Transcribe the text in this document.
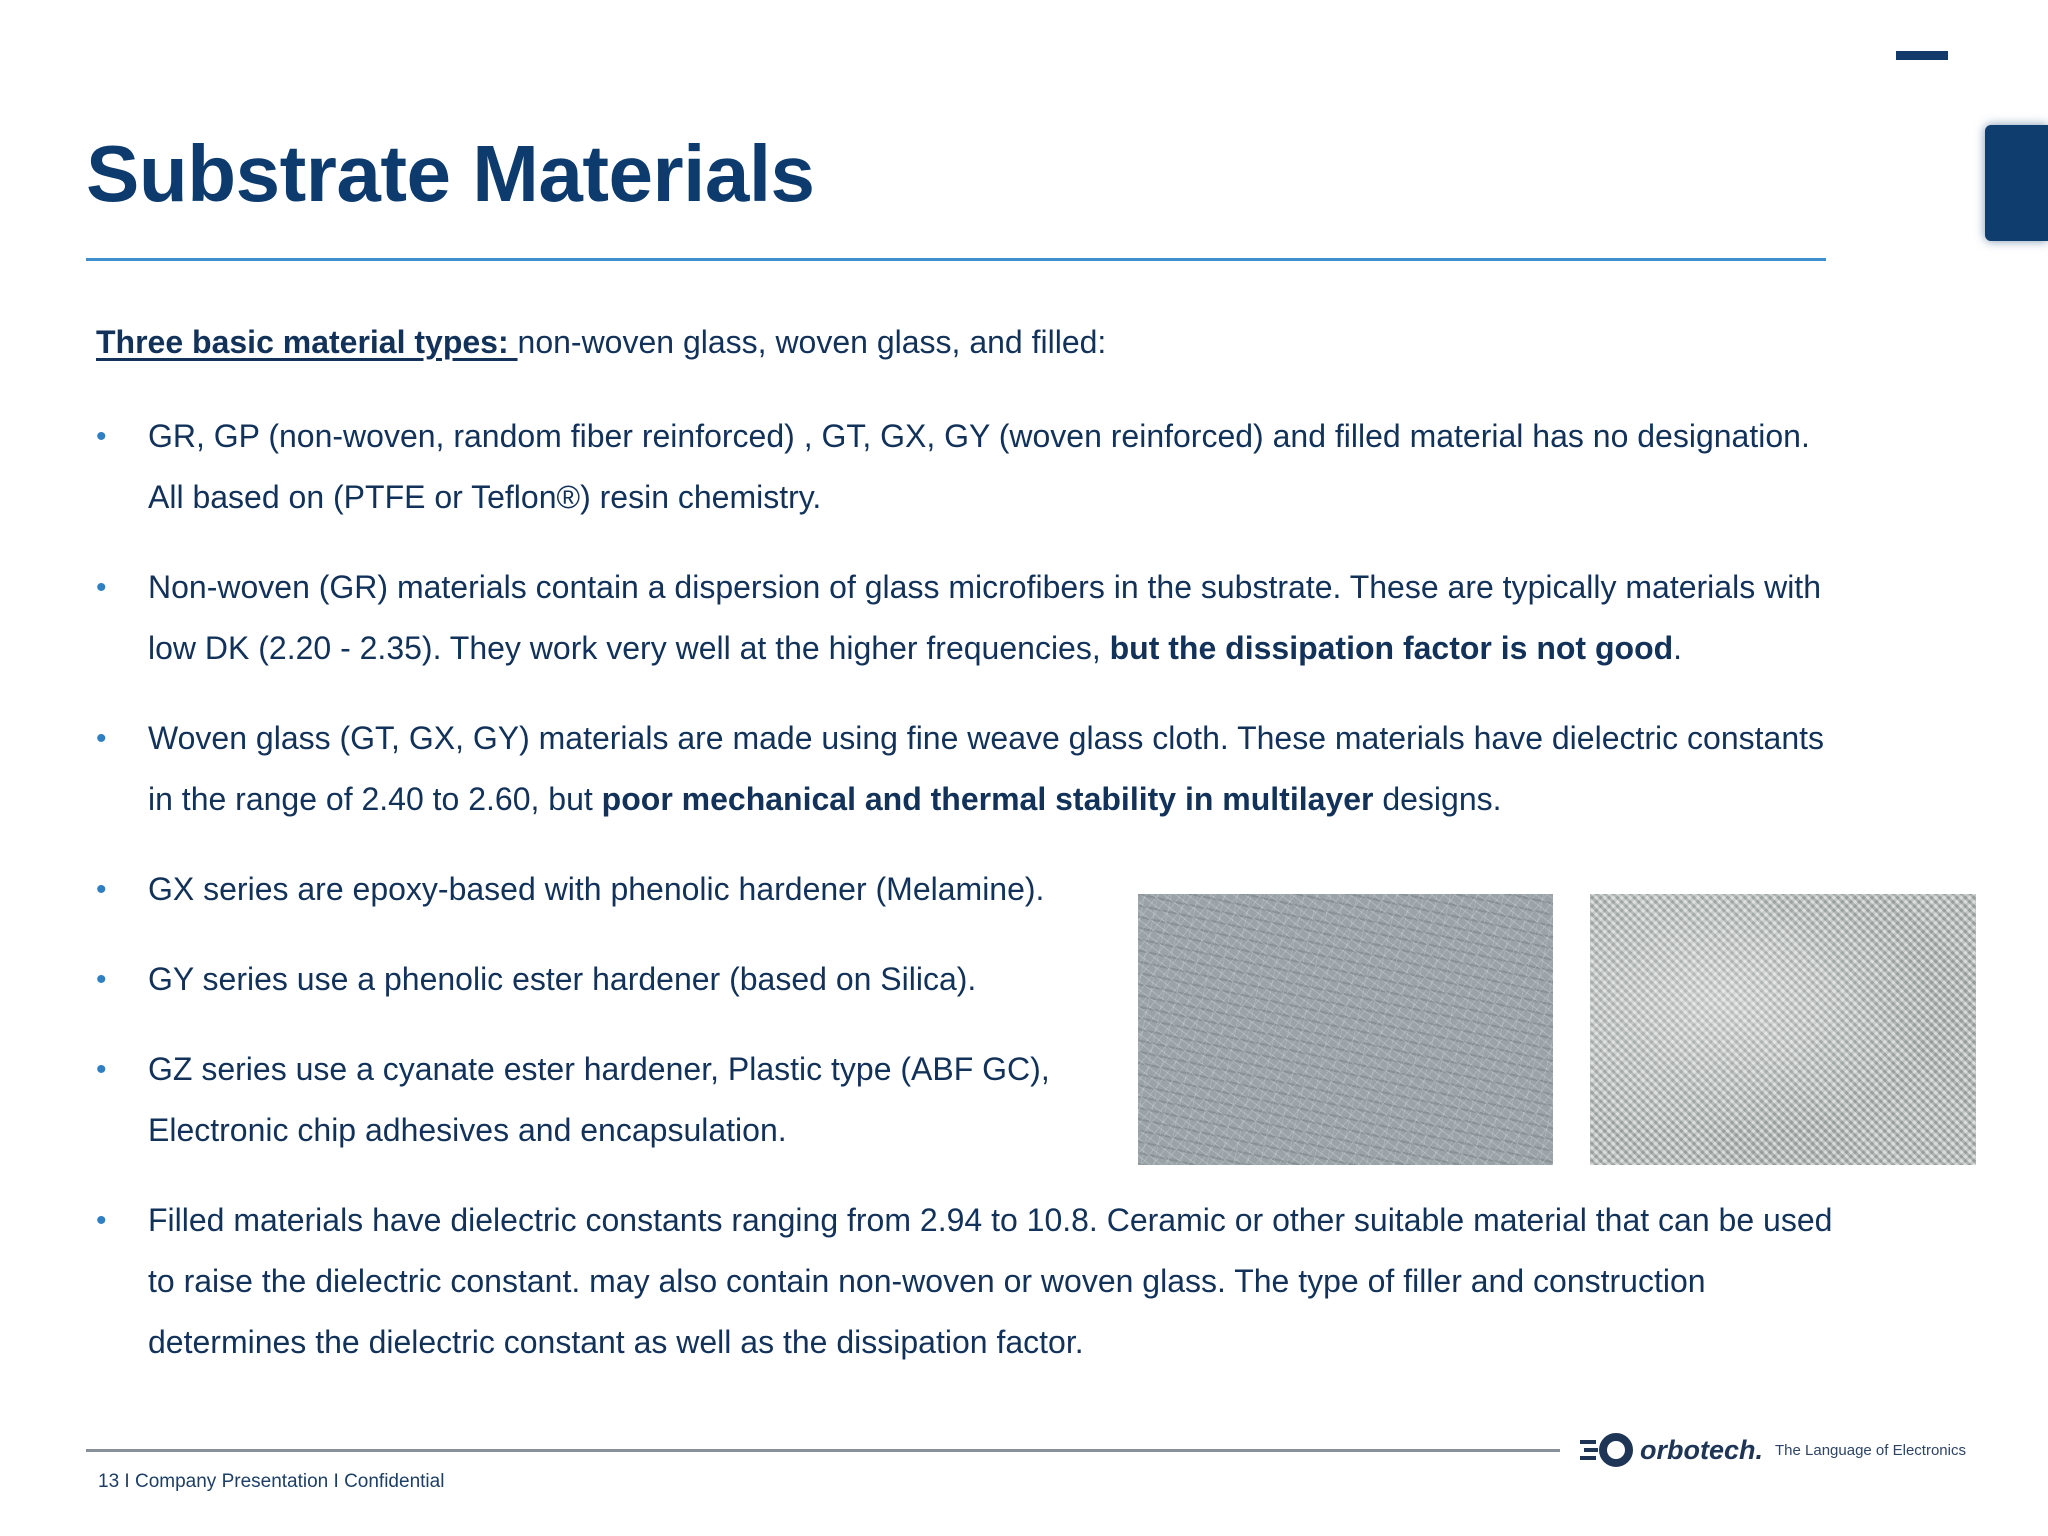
Substrate Materials
Three basic material types: non-woven glass, woven glass, and filled:
• GR, GP (non-woven, random fiber reinforced) , GT, GX, GY (woven reinforced) and filled material has no designation.
All based on (PTFE or Teflon®) resin chemistry.
• Non-woven (GR) materials contain a dispersion of glass microfibers in the substrate. These are typically materials with
low DK (2.20 - 2.35). They work very well at the higher frequencies, but the dissipation factor is not good.
• Woven glass (GT, GX, GY) materials are made using fine weave glass cloth. These materials have dielectric constants
in the range of 2.40 to 2.60, but poor mechanical and thermal stability in multilayer designs.
• GX series are epoxy-based with phenolic hardener (Melamine).
• GY series use a phenolic ester hardener (based on Silica).
• GZ series use a cyanate ester hardener, Plastic type (ABF GC),
Electronic chip adhesives and encapsulation.
• Filled materials have dielectric constants ranging from 2.94 to 10.8. Ceramic or other suitable material that can be used
to raise the dielectric constant. may also contain non-woven or woven glass. The type of filler and construction
determines the dielectric constant as well as the dissipation factor.
13 I Company Presentation I Confidential
orbotech. The Language of Electronics
